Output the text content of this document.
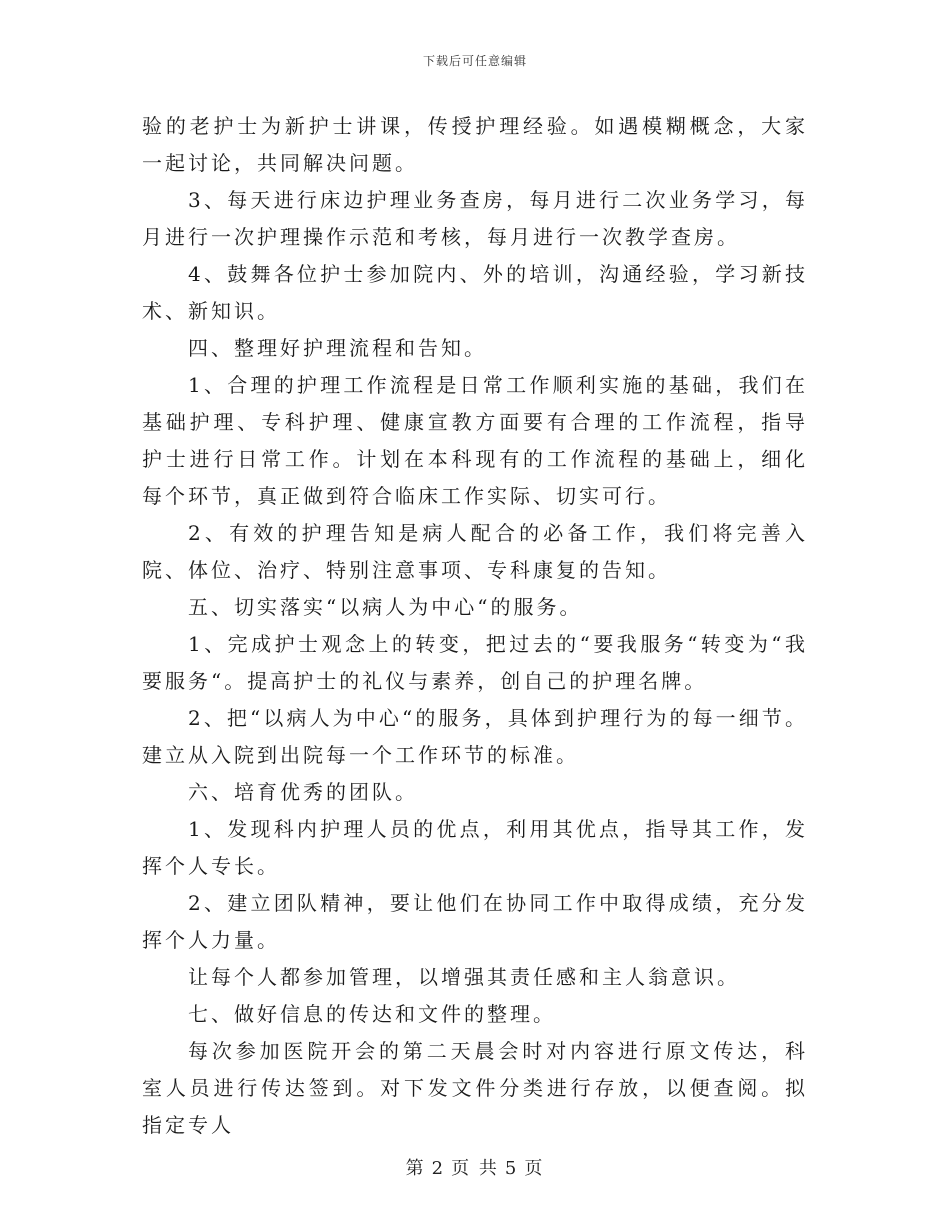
下载后可任意编辑

验的老护士为新护士讲课，传授护理经验。如遇模糊概念，大家一起讨论，共同解决问题。

3、每天进行床边护理业务查房，每月进行二次业务学习，每月进行一次护理操作示范和考核，每月进行一次教学查房。

4、鼓舞各位护士参加院内、外的培训，沟通经验，学习新技术、新知识。

四、整理好护理流程和告知。

1、合理的护理工作流程是日常工作顺利实施的基础，我们在基础护理、专科护理、健康宣教方面要有合理的工作流程，指导护士进行日常工作。计划在本科现有的工作流程的基础上，细化每个环节，真正做到符合临床工作实际、切实可行。

2、有效的护理告知是病人配合的必备工作，我们将完善入院、体位、治疗、特别注意事项、专科康复的告知。

五、切实落实“以病人为中心“的服务。

1、完成护士观念上的转变，把过去的“要我服务“转变为“我要服务“。提高护士的礼仪与素养，创自己的护理名牌。

2、把“以病人为中心“的服务，具体到护理行为的每一细节。建立从入院到出院每一个工作环节的标准。

六、培育优秀的团队。

1、发现科内护理人员的优点，利用其优点，指导其工作，发挥个人专长。

2、建立团队精神，要让他们在协同工作中取得成绩，充分发挥个人力量。

让每个人都参加管理，以增强其责任感和主人翁意识。

七、做好信息的传达和文件的整理。

每次参加医院开会的第二天晨会时对内容进行原文传达，科室人员进行传达签到。对下发文件分类进行存放，以便查阅。拟指定专人

第 2 页 共 5 页
